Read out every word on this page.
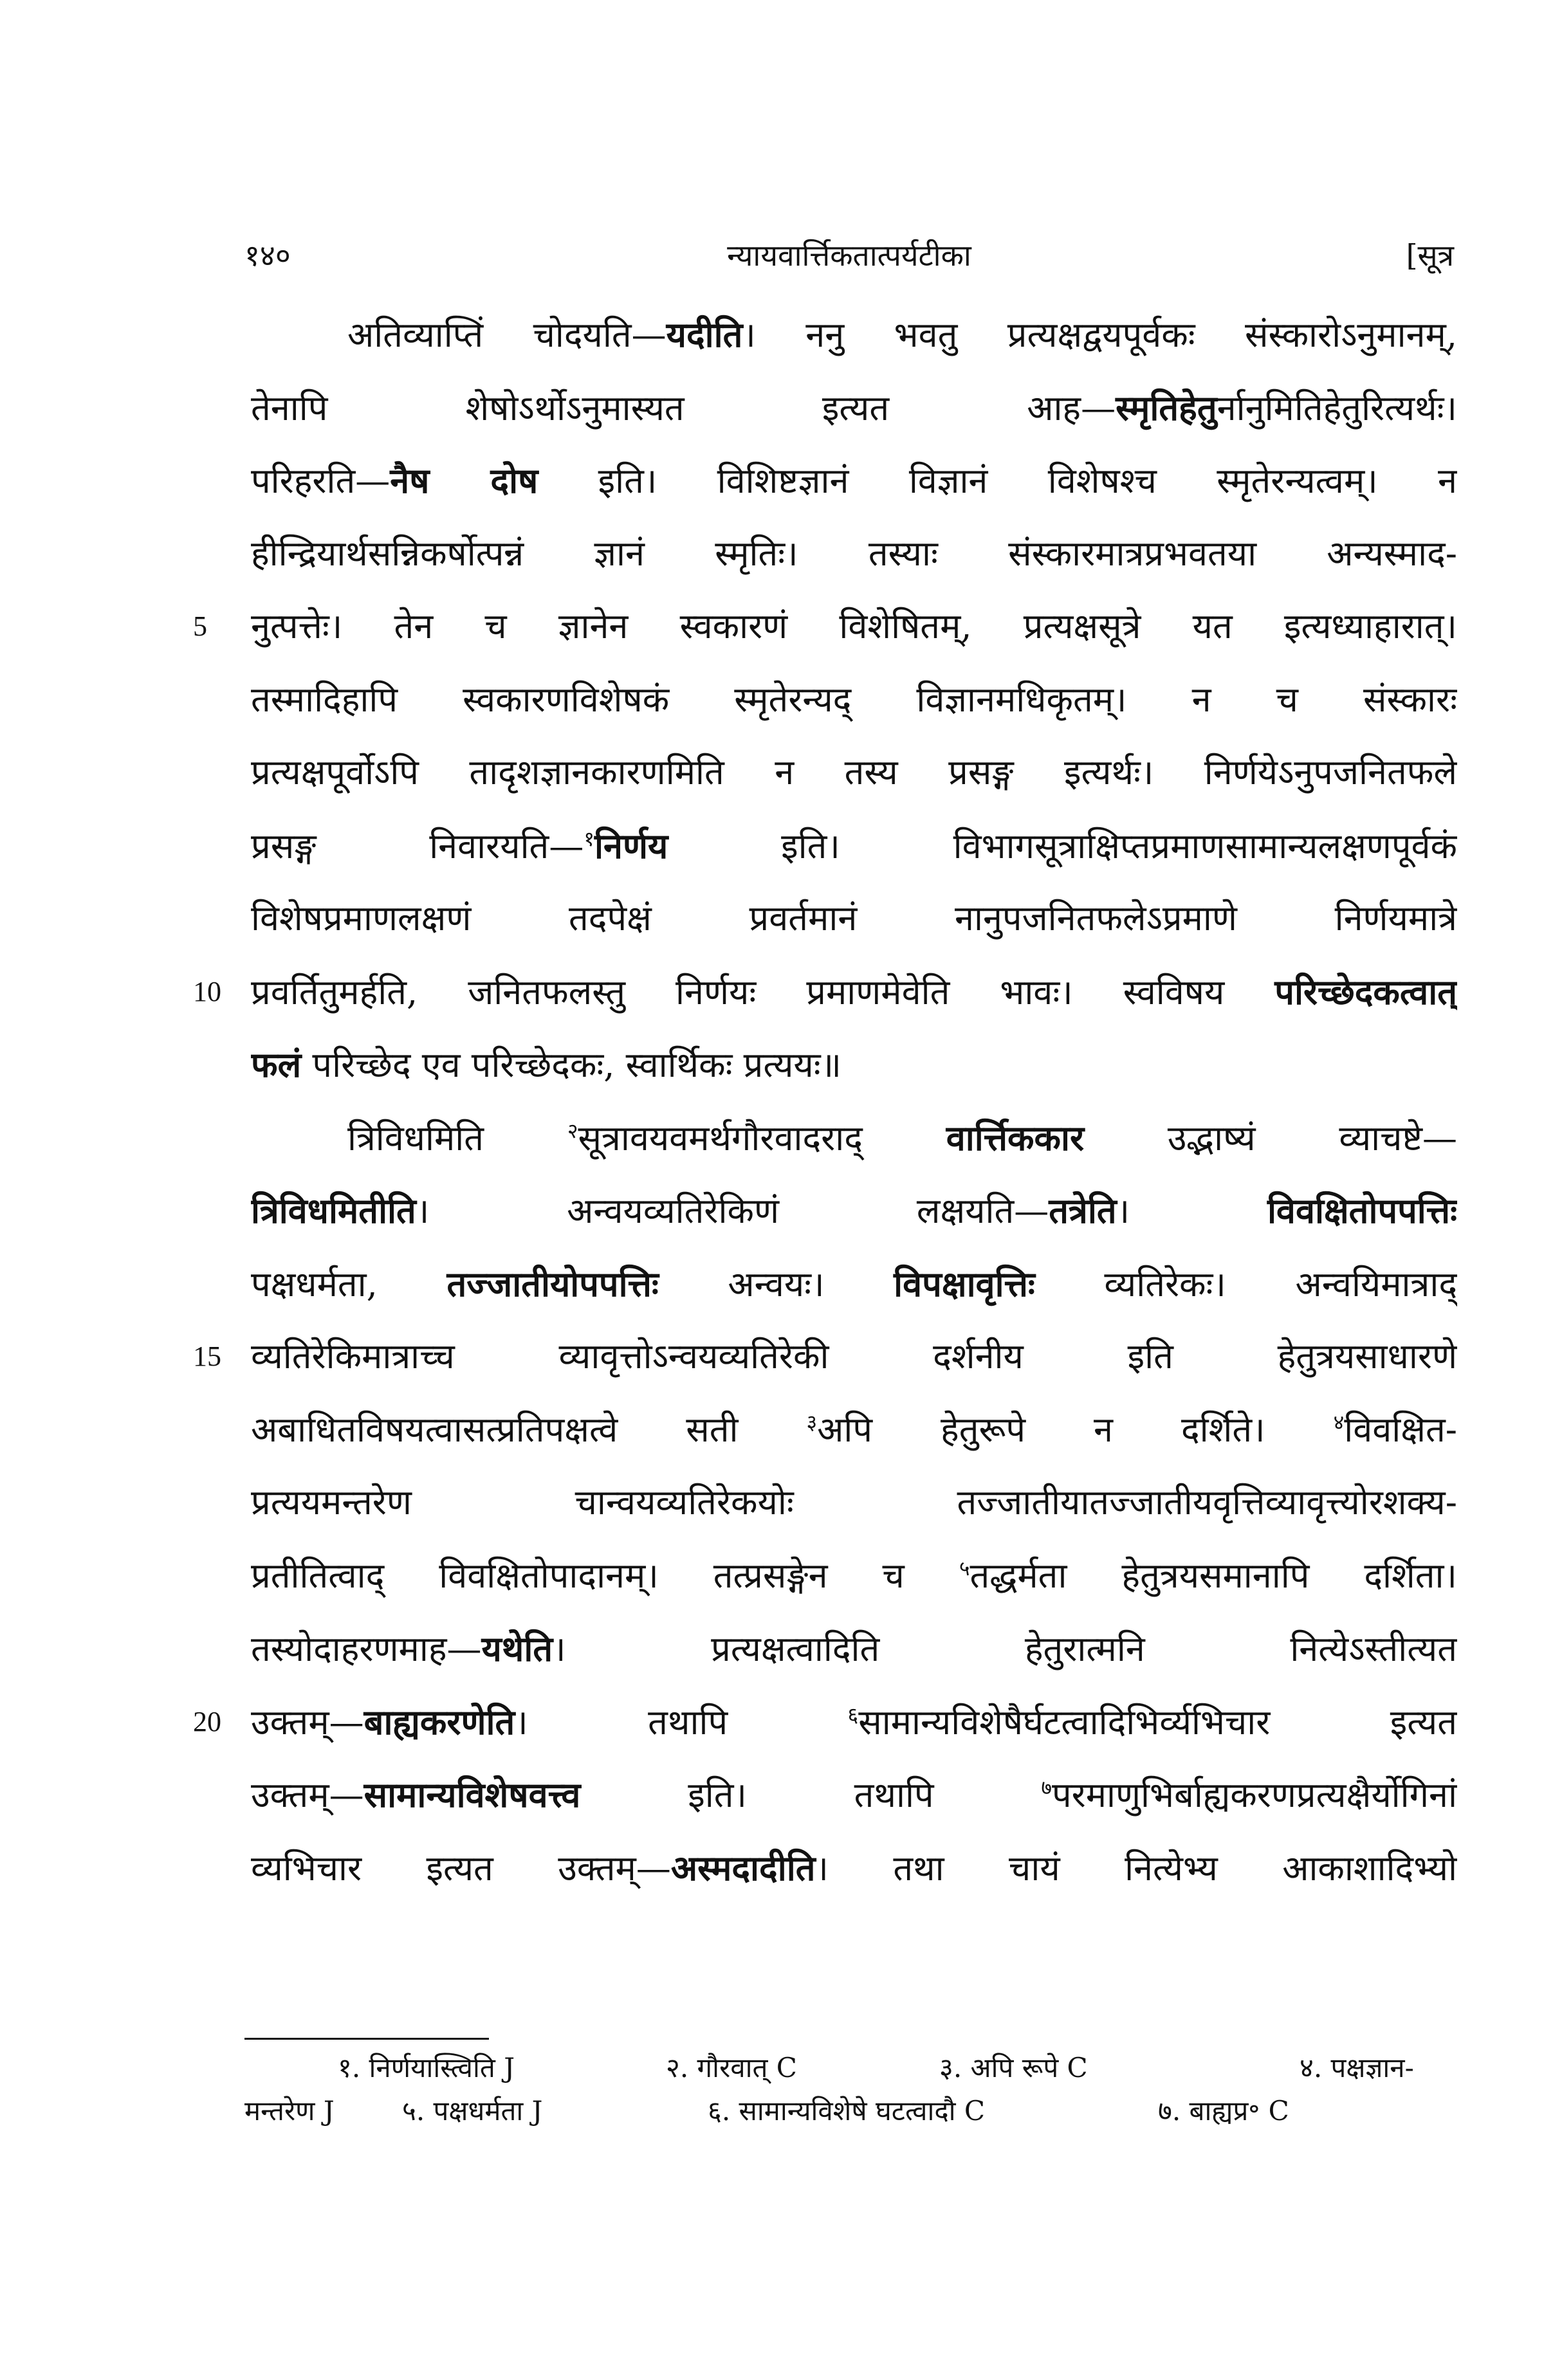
१४०	न्यायवार्त्तिकतात्पर्यटीका	[सूत्र
अतिव्याप्तिं चोदयति—यदीति। ननु भवतु प्रत्यक्षद्वयपूर्वकः संस्कारोऽनुमानम्,
तेनापि शेषोऽर्थोऽनुमास्यत इत्यत आह—स्मृतिहेतुर्नानुमितिहेतुरित्यर्थः।
परिहरति—नैष दोष इति। विशिष्टज्ञानं विज्ञानं विशेषश्च स्मृतेरन्यत्वम्। न
हीन्द्रियार्थसन्निकर्षोत्पन्नं ज्ञानं स्मृतिः। तस्याः संस्कारमात्रप्रभवतया अन्यस्माद-
5	नुत्पत्तेः। तेन च ज्ञानेन स्वकारणं विशेषितम्, प्रत्यक्षसूत्रे यत इत्यध्याहारात्।
तस्मादिहापि स्वकारणविशेषकं स्मृतेरन्यद् विज्ञानमधिकृतम्। न च संस्कारः
प्रत्यक्षपूर्वोऽपि तादृशज्ञानकारणमिति न तस्य प्रसङ्ग इत्यर्थः। निर्णयेऽनुपजनितफले
प्रसङ्ग निवारयति—$^१$निर्णय इति। विभागसूत्राक्षिप्तप्रमाणसामान्यलक्षणपूर्वकं
विशेषप्रमाणलक्षणं तदपेक्षं प्रवर्तमानं नानुपजनितफलेऽप्रमाणे निर्णयमात्रे
10 प्रवर्तितुमर्हति, जनितफलस्तु निर्णयः प्रमाणमेवेति भावः। स्वविषय परिच्छेदकत्वात्
फलं परिच्छेद एव परिच्छेदकः, स्वार्थिकः प्रत्ययः॥
त्रिविधमिति $^२$सूत्रावयवमर्थगौरवादराद् वार्त्तिककार उद्भाष्यं व्याचष्टे—
त्रिविधमितीति। अन्वयव्यतिरेकिणं लक्षयति—तत्रेति। विवक्षितोपपत्तिः
पक्षधर्मता, तज्जातीयोपपत्तिः अन्वयः। विपक्षावृत्तिः व्यतिरेकः। अन्वयिमात्राद्
15 व्यतिरेकिमात्राच्च व्यावृत्तोऽन्वयव्यतिरेकी दर्शनीय इति हेतुत्रयसाधारणे
अबाधितविषयत्वासत्प्रतिपक्षत्वे सती $^३$अपि हेतुरूपे न दर्शिते। $^४$विवक्षित-
प्रत्ययमन्तरेण चान्वयव्यतिरेकयोः तज्जातीयातज्जातीयवृत्तिव्यावृत्त्योरशक्य-
प्रतीतित्वाद् विवक्षितोपादानम्। तत्प्रसङ्गेन च $^५$तद्धर्मता हेतुत्रयसमानापि दर्शिता।
तस्योदाहरणमाह—यथेति। प्रत्यक्षत्वादिति हेतुरात्मनि नित्येऽस्तीत्यत
20 उक्तम्—बाह्यकरणेति। तथापि $^६$सामान्यविशेषैर्घटत्वादिभिर्व्यभिचार इत्यत
उक्तम्—सामान्यविशेषवत्त्व इति। तथापि $^७$परमाणुभिर्बाह्यकरणप्रत्यक्षैर्योगिनां
व्यभिचार इत्यत उक्तम्—अस्मदादीति। तथा चायं नित्येभ्य आकाशादिभ्यो
१. निर्णयास्त्विति J	२. गौरवात् C	३. अपि रूपे C	४. पक्षज्ञान-
मन्तरेण J	५. पक्षधर्मता J	६. सामान्यविशेषे घटत्वादौ C	७. बाह्यप्र॰ C
